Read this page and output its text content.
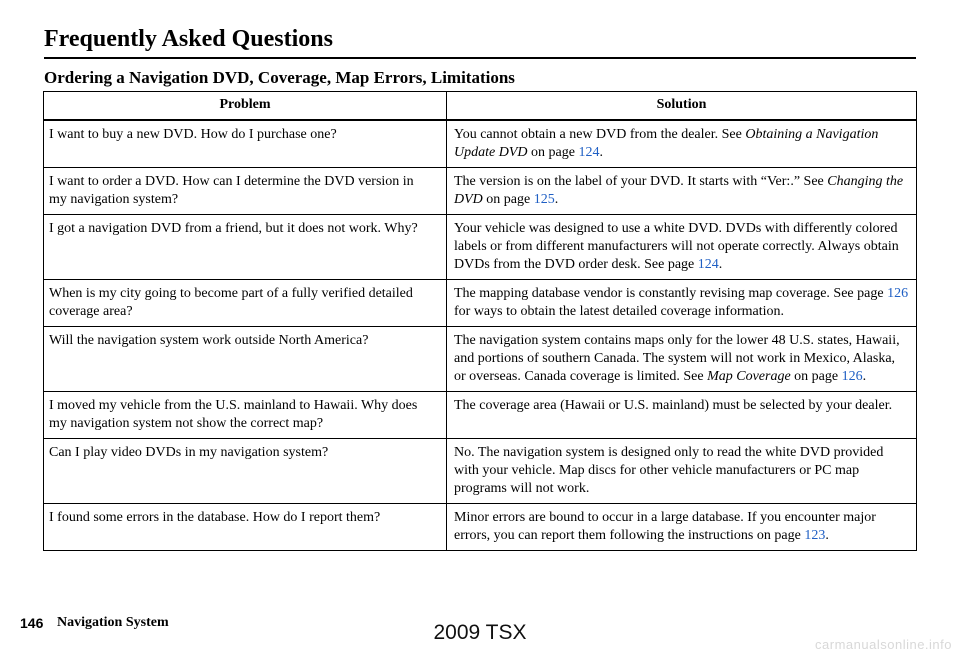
Frequently Asked Questions
Ordering a Navigation DVD, Coverage, Map Errors, Limitations
Problem	Solution
I want to buy a new DVD. How do I purchase one?	You cannot obtain a new DVD from the dealer. See Obtaining a Navigation Update DVD on page 124.
I want to order a DVD. How can I determine the DVD version in my navigation system?	The version is on the label of your DVD. It starts with “Ver:.” See Changing the DVD on page 125.
I got a navigation DVD from a friend, but it does not work. Why?	Your vehicle was designed to use a white DVD. DVDs with differently colored labels or from different manufacturers will not operate correctly. Always obtain DVDs from the DVD order desk. See page 124.
When is my city going to become part of a fully verified detailed coverage area?	The mapping database vendor is constantly revising map coverage. See page 126 for ways to obtain the latest detailed coverage information.
Will the navigation system work outside North America?	The navigation system contains maps only for the lower 48 U.S. states, Hawaii, and portions of southern Canada. The system will not work in Mexico, Alaska, or overseas. Canada coverage is limited. See Map Coverage on page 126.
I moved my vehicle from the U.S. mainland to Hawaii. Why does my navigation system not show the correct map?	The coverage area (Hawaii or U.S. mainland) must be selected by your dealer.
Can I play video DVDs in my navigation system?	No. The navigation system is designed only to read the white DVD provided with your vehicle. Map discs for other vehicle manufacturers or PC map programs will not work.
I found some errors in the database. How do I report them?	Minor errors are bound to occur in a large database. If you encounter major errors, you can report them following the instructions on page 123.
146 Navigation System	2009 TSX
carmanualsonline.info
